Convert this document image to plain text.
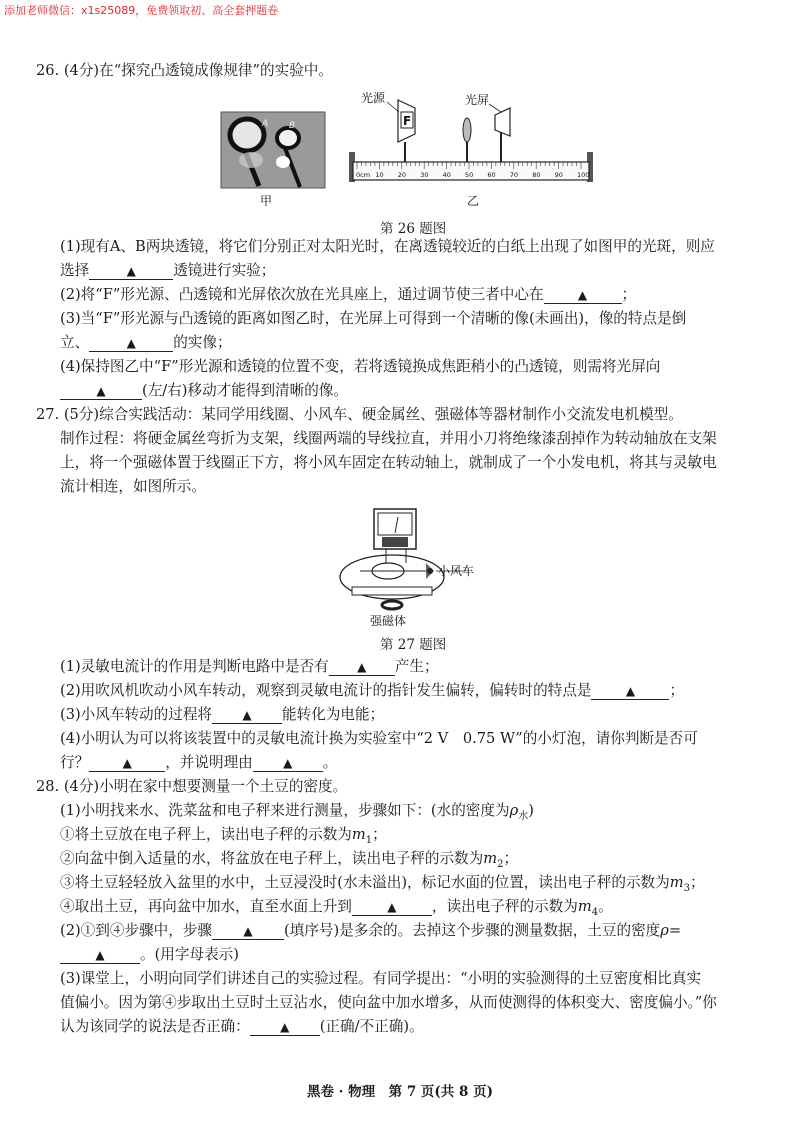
添加老师微信：x1s25089，免费领取初、高全套押题卷
26. (4分)在“探究凸透镜成像规律”的实验中。
A B
甲
0cm 10 20 30 40 50 60 70 80 90 100
F
光源	光屏
乙
第 26 题图
(1)现有A、B两块透镜，将它们分别正对太阳光时，在离透镜较近的白纸上出现了如图甲的光斑，则应
选择	▲	透镜进行实验；
(2)将“F”形光源、凸透镜和光屏依次放在光具座上，通过调节使三者中心在	▲ ；
(3)当“F”形光源与凸透镜的距离如图乙时，在光屏上可得到一个清晰的像(未画出)，像的特点是倒
立、	▲	的实像；
(4)保持图乙中“F”形光源和透镜的位置不变，若将透镜换成焦距稍小的凸透镜，则需将光屏向
▲ (左/右)移动才能得到清晰的像。
27. (5分)综合实践活动：某同学用线圈、小风车、硬金属丝、强磁体等器材制作小交流发电机模型。
制作过程：将硬金属丝弯折为支架，线圈两端的导线拉直，并用小刀将绝缘漆刮掉作为转动轴放在支架
上，将一个强磁体置于线圈正下方，将小风车固定在转动轴上，就制成了一个小发电机，将其与灵敏电
流计相连，如图所示。
小风车
强磁体
第 27 题图
(1)灵敏电流计的作用是判断电路中是否有 ▲ 产生；
(2)用吹风机吹动小风车转动，观察到灵敏电流计的指针发生偏转，偏转时的特点是	▲ ；
(3)小风车转动的过程将	▲ 能转化为电能；
(4)小明认为可以将该装置中的灵敏电流计换为实验室中“2 V　0.75 W”的小灯泡，请你判断是否可
行？	▲ ，并说明理由	▲ 。
28. (4分)小明在家中想要测量一个土豆的密度。
(1)小明找来水、洗菜盆和电子秤来进行测量，步骤如下：(水的密度为$\rho_水$)
①将土豆放在电子秤上，读出电子秤的示数为$m_1$；
②向盆中倒入适量的水，将盆放在电子秤上，读出电子秤的示数为$m_2$；
③将土豆轻轻放入盆里的水中，土豆浸没时(水未溢出)，标记水面的位置，读出电子秤的示数为$m_3$；
④取出土豆，再向盆中加水，直至水面上升到	▲ ，读出电子秤的示数为$m_4$。
(2)①到④步骤中，步骤	▲ (填序号)是多余的。去掉这个步骤的测量数据，土豆的密度ρ=
▲ 。(用字母表示)
(3)课堂上，小明向同学们讲述自己的实验过程。有同学提出：“小明的实验测得的土豆密度相比真实
值偏小。因为第④步取出土豆时土豆沾水，使向盆中加水增多，从而使测得的体积变大、密度偏小。”你
认为该同学的说法是否正确：	▲ (正确/不正确)。
黑卷 · 物理　第 7 页(共 8 页)
